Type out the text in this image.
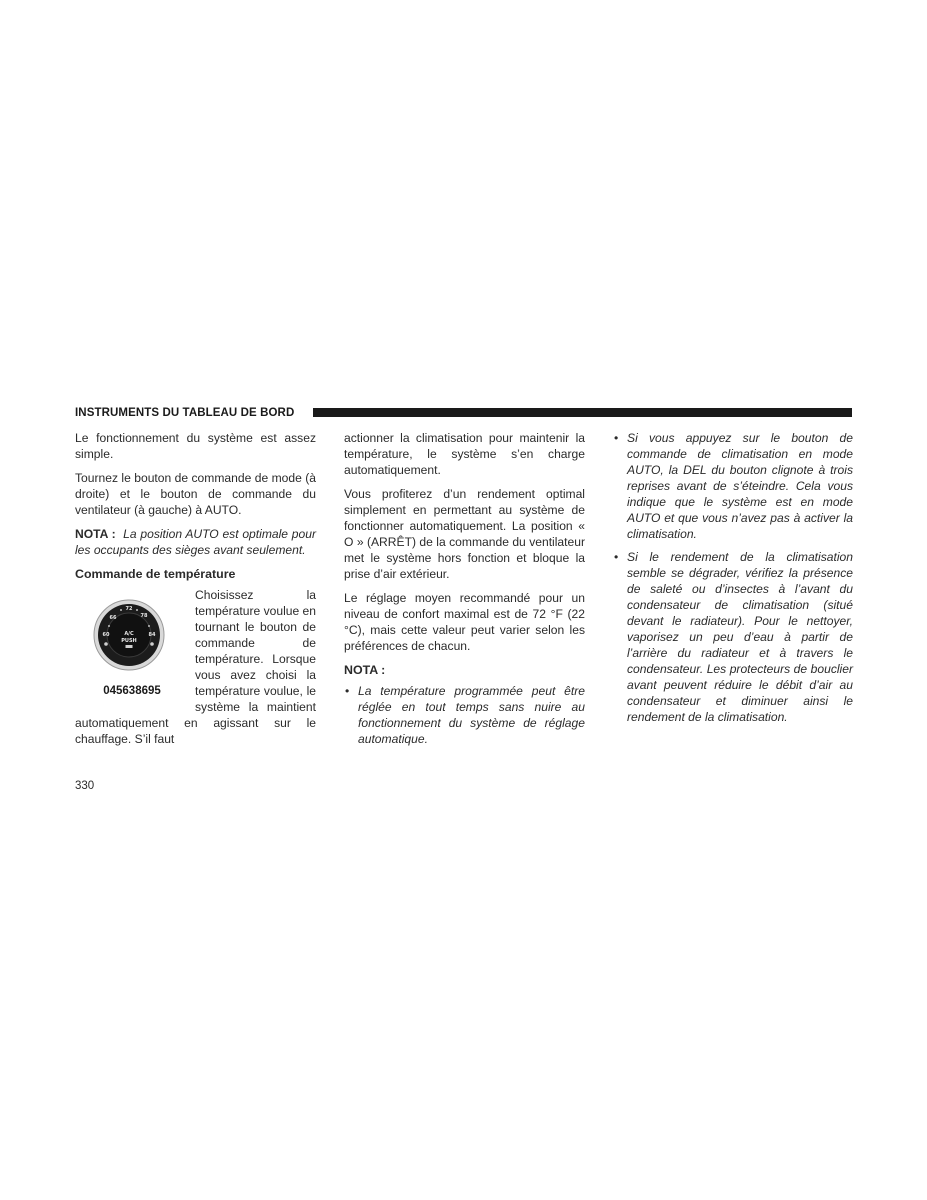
INSTRUMENTS DU TABLEAU DE BORD

Le fonctionnement du système est assez simple.

Tournez le bouton de commande de mode (à droite) et le bouton de commande du ventilateur (à gauche) à AUTO.

NOTA : La position AUTO est optimale pour les occupants des sièges avant seulement.

Commande de température
60
66
72
78
84
A/C
PUSH
045638695

Choisissez la température voulue en tournant le bouton de commande de température. Lorsque vous avez choisi la température voulue, le système la maintient automatiquement en agissant sur le chauffage. S’il faut

actionner la climatisation pour maintenir la température, le système s’en charge automatiquement.

Vous profiterez d’un rendement optimal simplement en permettant au système de fonctionner automatiquement. La position « O » (ARRÊT) de la commande du ventilateur met le système hors fonction et bloque la prise d’air extérieur.

Le réglage moyen recommandé pour un niveau de confort maximal est de 72 °F (22 °C), mais cette valeur peut varier selon les préférences de chacun.

NOTA :
• La température programmée peut être réglée en tout temps sans nuire au fonctionnement du système de réglage automatique.
• Si vous appuyez sur le bouton de commande de climatisation en mode AUTO, la DEL du bouton clignote à trois reprises avant de s’éteindre. Cela vous indique que le système est en mode AUTO et que vous n’avez pas à activer la climatisation.
• Si le rendement de la climatisation semble se dégrader, vérifiez la présence de saleté ou d’insectes à l’avant du condensateur de climatisation (situé devant le radiateur). Pour le nettoyer, vaporisez un peu d’eau à partir de l’arrière du radiateur et à travers le condensateur. Les protecteurs de bouclier avant peuvent réduire le débit d’air au condensateur et diminuer ainsi le rendement de la climatisation.
330
